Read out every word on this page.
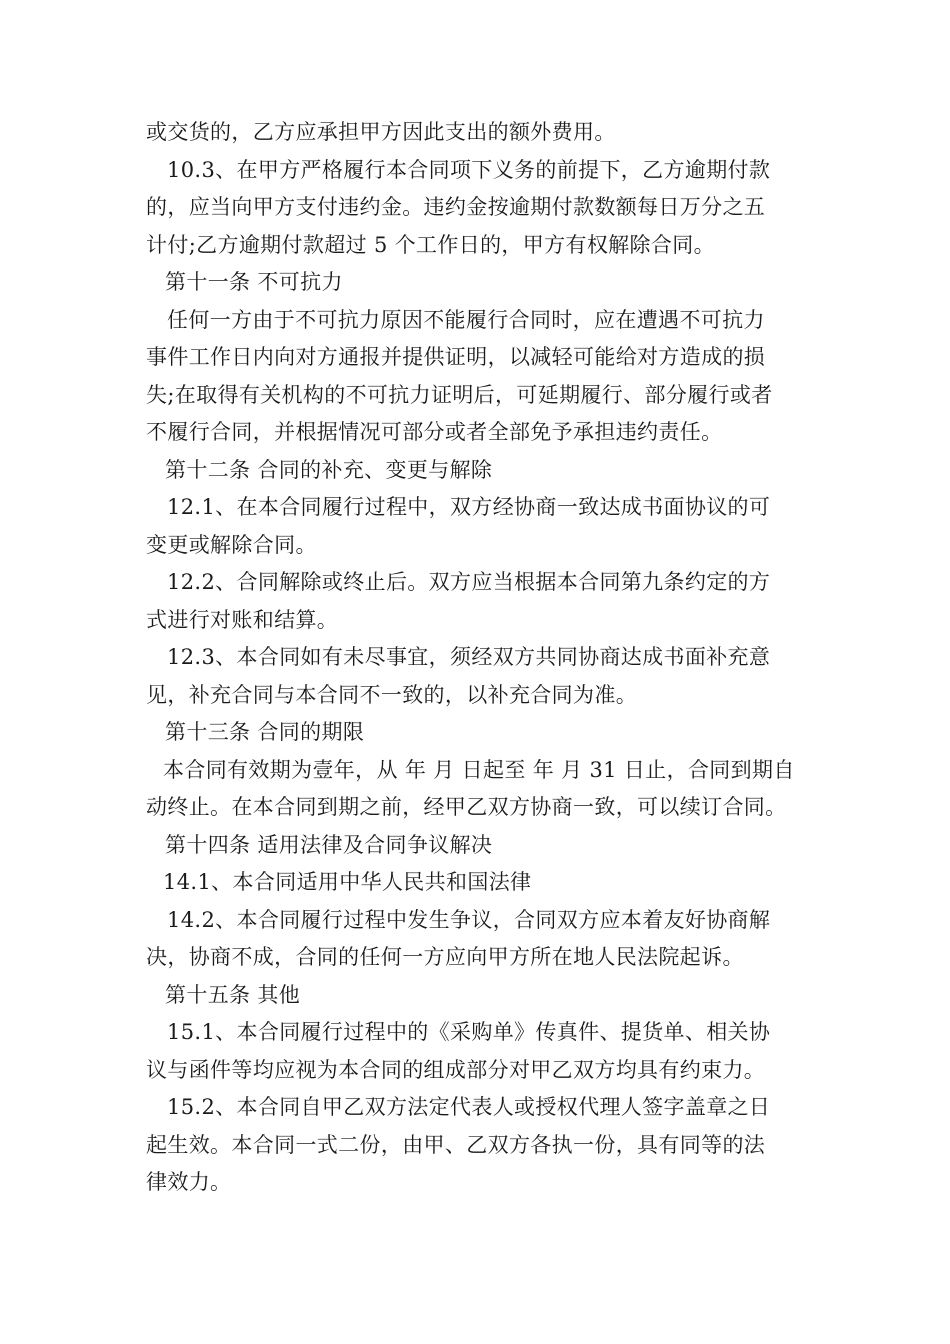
或交货的，乙方应承担甲方因此支出的额外费用。
10.3、在甲方严格履行本合同项下义务的前提下，乙方逾期付款
的，应当向甲方支付违约金。违约金按逾期付款数额每日万分之五
计付;乙方逾期付款超过 5 个工作日的，甲方有权解除合同。
第十一条 不可抗力
任何一方由于不可抗力原因不能履行合同时，应在遭遇不可抗力
事件工作日内向对方通报并提供证明，以减轻可能给对方造成的损
失;在取得有关机构的不可抗力证明后，可延期履行、部分履行或者
不履行合同，并根据情况可部分或者全部免予承担违约责任。
第十二条 合同的补充、变更与解除
12.1、在本合同履行过程中，双方经协商一致达成书面协议的可
变更或解除合同。
12.2、合同解除或终止后。双方应当根据本合同第九条约定的方
式进行对账和结算。
12.3、本合同如有未尽事宜，须经双方共同协商达成书面补充意
见，补充合同与本合同不一致的，以补充合同为准。
第十三条 合同的期限
本合同有效期为壹年，从 年 月 日起至 年 月 31 日止，合同到期自
动终止。在本合同到期之前，经甲乙双方协商一致，可以续订合同。
第十四条 适用法律及合同争议解决
14.1、本合同适用中华人民共和国法律
14.2、本合同履行过程中发生争议，合同双方应本着友好协商解
决，协商不成，合同的任何一方应向甲方所在地人民法院起诉。
第十五条 其他
15.1、本合同履行过程中的《采购单》传真件、提货单、相关协
议与函件等均应视为本合同的组成部分对甲乙双方均具有约束力。
15.2、本合同自甲乙双方法定代表人或授权代理人签字盖章之日
起生效。本合同一式二份，由甲、乙双方各执一份，具有同等的法
律效力。
